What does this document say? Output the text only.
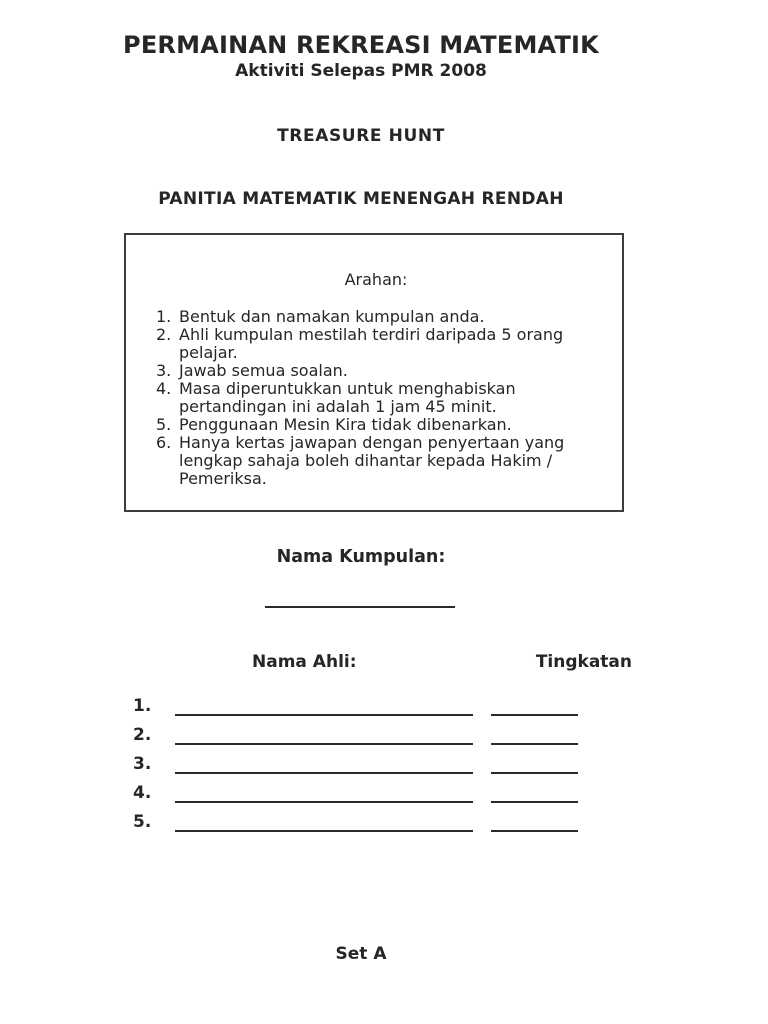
PERMAINAN REKREASI MATEMATIK
Aktiviti Selepas PMR 2008
TREASURE HUNT
PANITIA MATEMATIK MENENGAH RENDAH
Arahan:
1. Bentuk dan namakan kumpulan anda.
2. Ahli kumpulan mestilah terdiri daripada 5 orang pelajar.
3. Jawab semua soalan.
4. Masa diperuntukkan untuk menghabiskan pertandingan ini adalah 1 jam 45 minit.
5. Penggunaan Mesin Kira tidak dibenarkan.
6. Hanya kertas jawapan dengan penyertaan yang lengkap sahaja boleh dihantar kepada Hakim / Pemeriksa.
Nama Kumpulan:
Nama Ahli:	Tingkatan
1.
2.
3.
4.
5.
Set A
